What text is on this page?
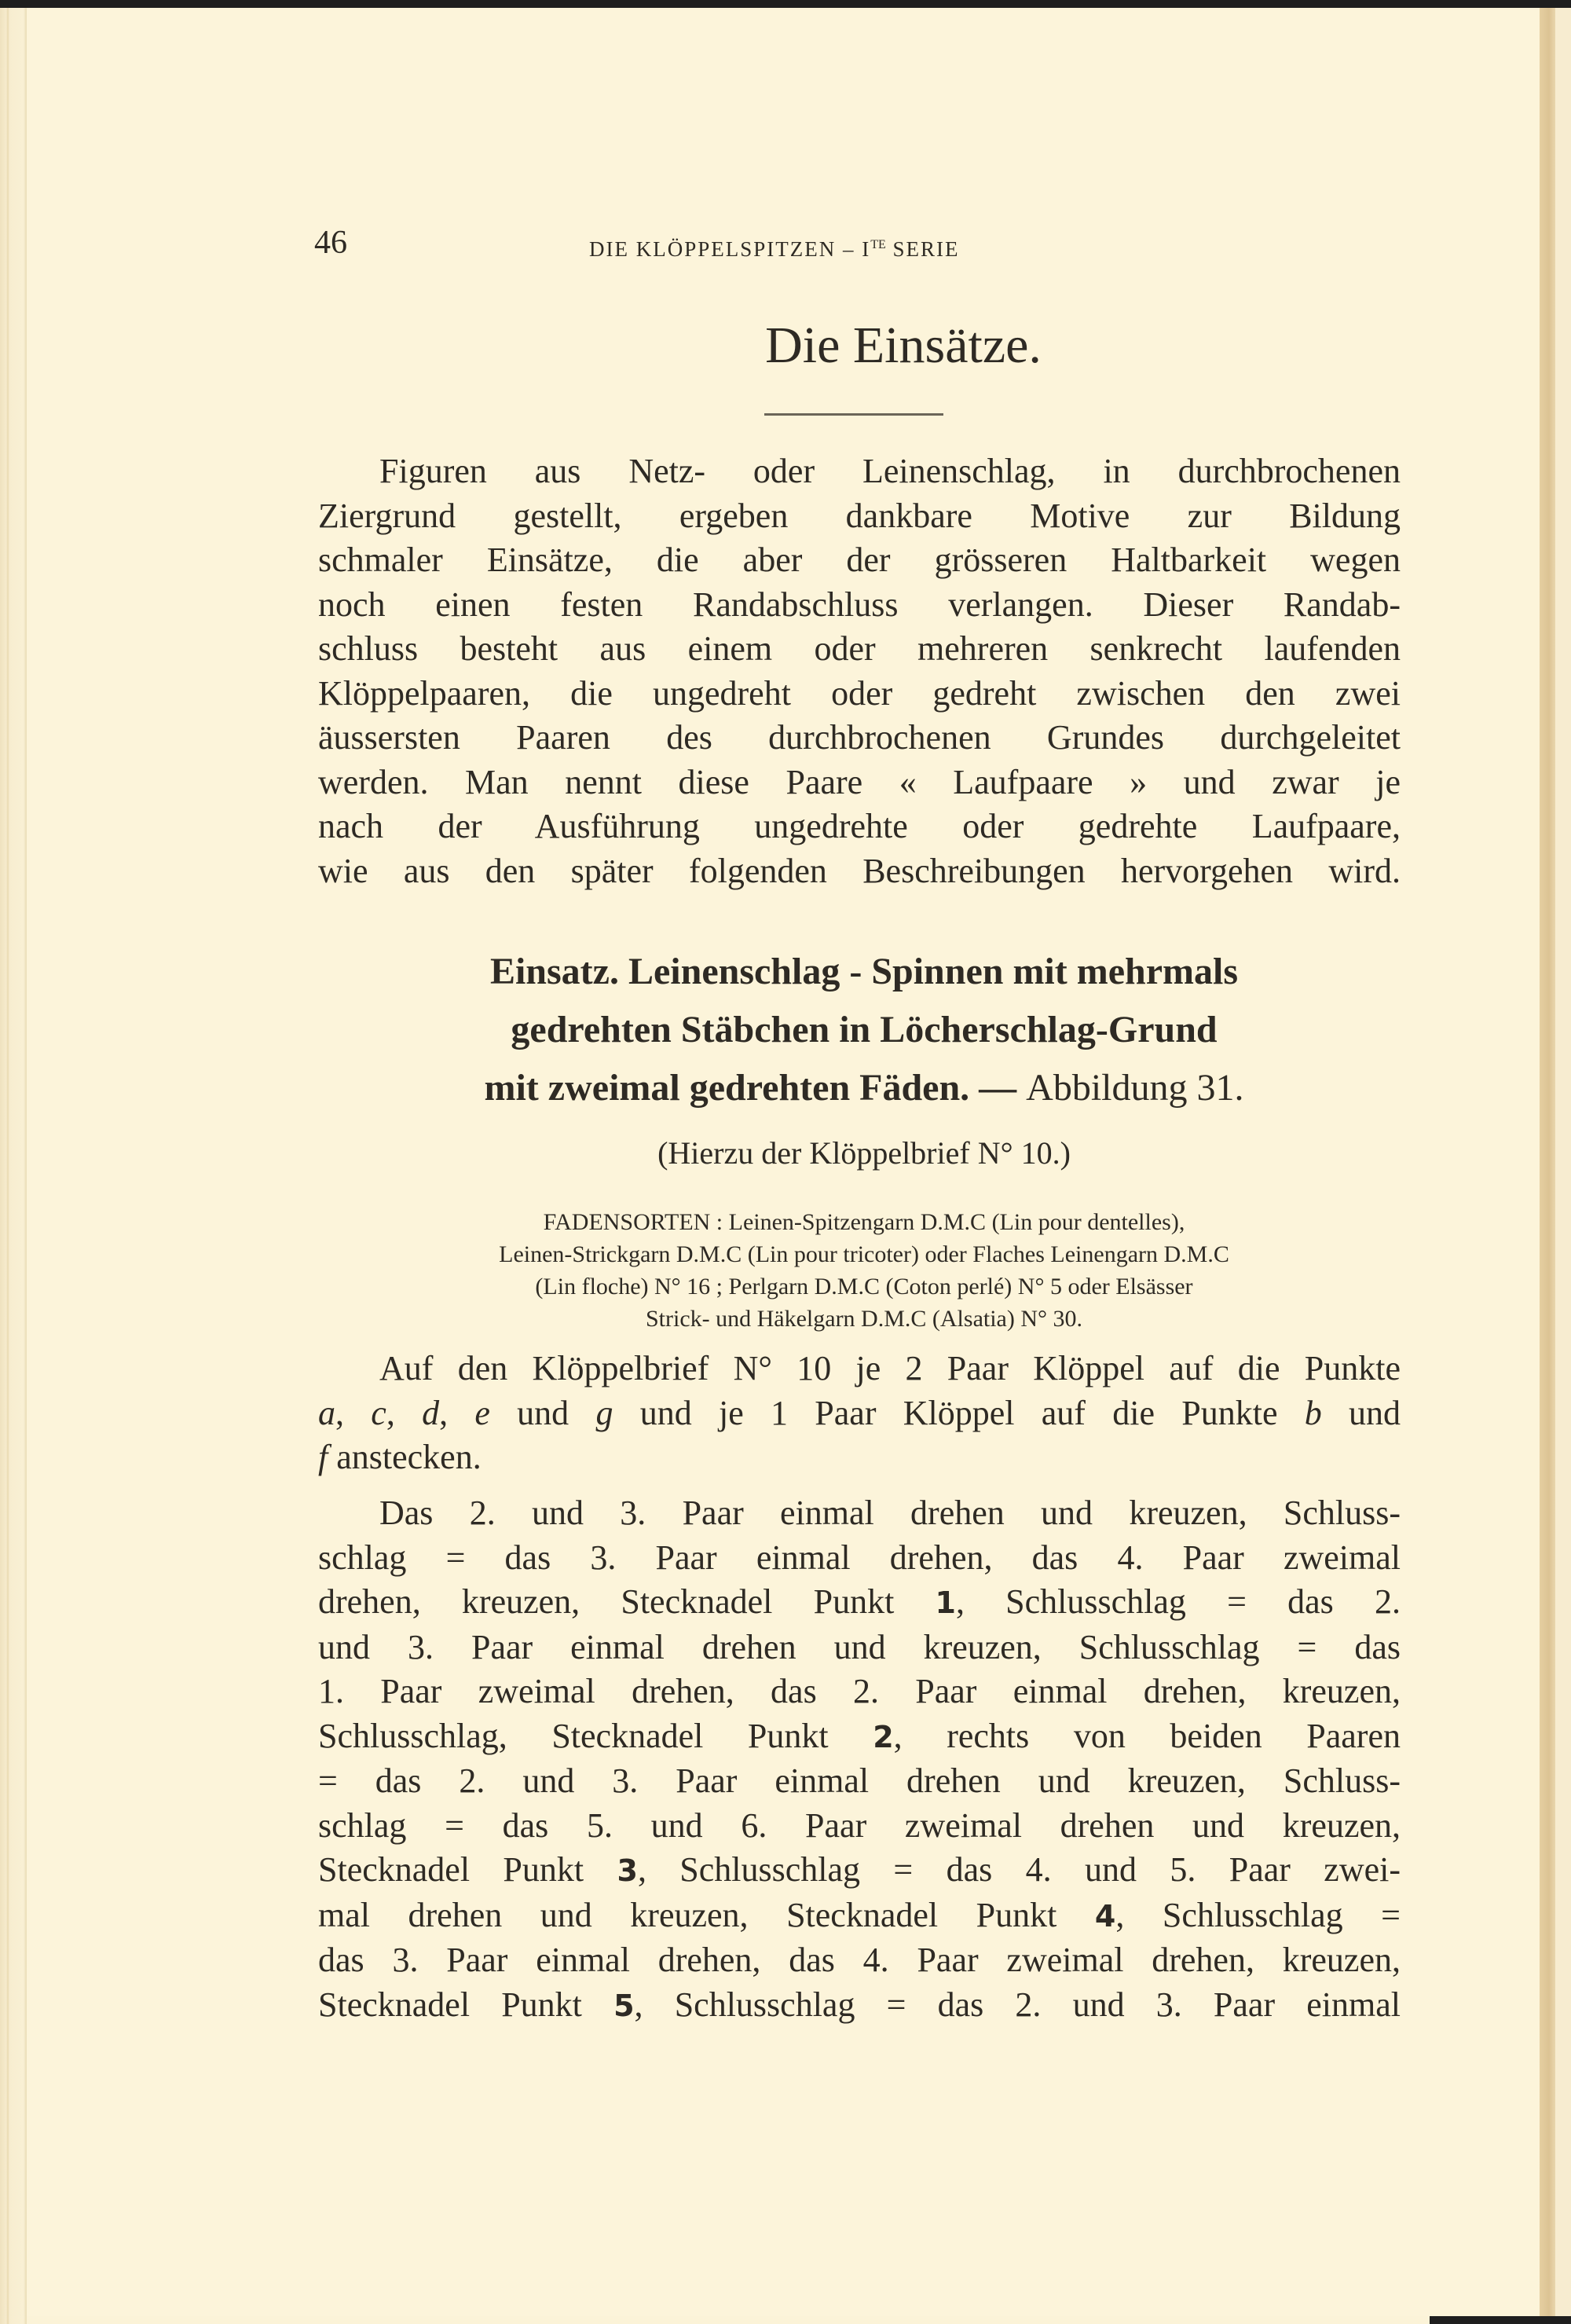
46	DIE KLÖPPELSPITZEN – $I^{TE}$ SERIE
Die Einsätze.
Figuren aus Netz- oder Leinenschlag, in durchbrochenen
Ziergrund gestellt, ergeben dankbare Motive zur Bildung
schmaler Einsätze, die aber der grösseren Haltbarkeit wegen
noch einen festen Randabschluss verlangen. Dieser Randab-
schluss besteht aus einem oder mehreren senkrecht laufenden
Klöppelpaaren, die ungedreht oder gedreht zwischen den zwei
äussersten Paaren des durchbrochenen Grundes durchgeleitet
werden. Man nennt diese Paare « Laufpaare » und zwar je
nach der Ausführung ungedrehte oder gedrehte Laufpaare,
wie aus den später folgenden Beschreibungen hervorgehen wird.
Einsatz. Leinenschlag - Spinnen mit mehrmals
gedrehten Stäbchen in Löcherschlag-Grund
mit zweimal gedrehten Fäden. — Abbildung 31.
(Hierzu der Klöppelbrief N° 10.)
FADENSORTEN : Leinen-Spitzengarn D.M.C (Lin pour dentelles),
Leinen-Strickgarn D.M.C (Lin pour tricoter) oder Flaches Leinengarn D.M.C
(Lin floche) N° 16 ; Perlgarn D.M.C (Coton perlé) N° 5 oder Elsässer
Strick- und Häkelgarn D.M.C (Alsatia) N° 30.
Auf den Klöppelbrief N° 10 je 2 Paar Klöppel auf die Punkte
a, c, d, e und g und je 1 Paar Klöppel auf die Punkte b und
f anstecken.
Das 2. und 3. Paar einmal drehen und kreuzen, Schluss-
schlag = das 3. Paar einmal drehen, das 4. Paar zweimal
drehen, kreuzen, Stecknadel Punkt 1, Schlusschlag = das 2.
und 3. Paar einmal drehen und kreuzen, Schlusschlag = das
1. Paar zweimal drehen, das 2. Paar einmal drehen, kreuzen,
Schlusschlag, Stecknadel Punkt 2, rechts von beiden Paaren
= das 2. und 3. Paar einmal drehen und kreuzen, Schluss-
schlag = das 5. und 6. Paar zweimal drehen und kreuzen,
Stecknadel Punkt 3, Schlusschlag = das 4. und 5. Paar zwei-
mal drehen und kreuzen, Stecknadel Punkt 4, Schlusschlag =
das 3. Paar einmal drehen, das 4. Paar zweimal drehen, kreuzen,
Stecknadel Punkt 5, Schlusschlag = das 2. und 3. Paar einmal
